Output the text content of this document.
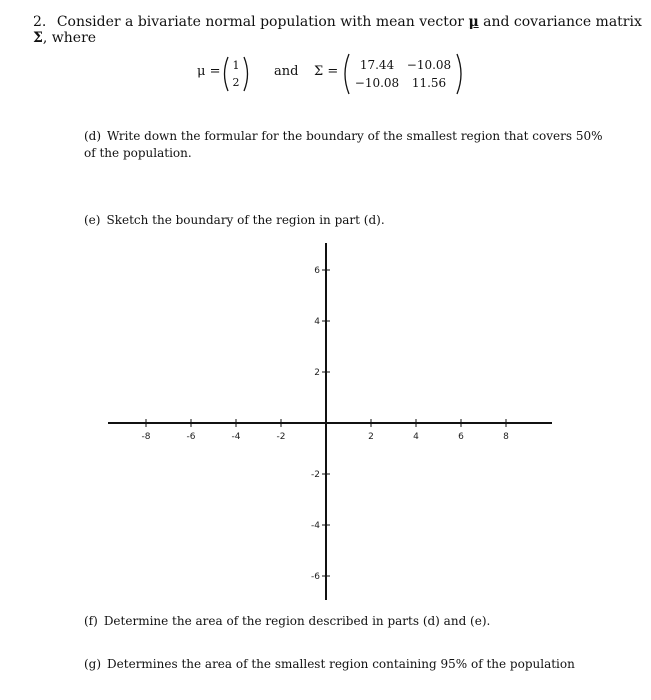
2. Consider a bivariate normal population with mean vector μ and covariance matrix Σ, where
μ =	1
2
and Σ =	17.44	−10.08
−10.08	11.56
(d) Write down the formular for the boundary of the smallest region that covers 50% of the population.
(e) Sketch the boundary of the region in part (d).
-8	-6	-4	-2	2	4	6	8
6
4
2
-2
-4
-6
(f) Determine the area of the region described in parts (d) and (e).
(g) Determines the area of the smallest region containing 95% of the population
